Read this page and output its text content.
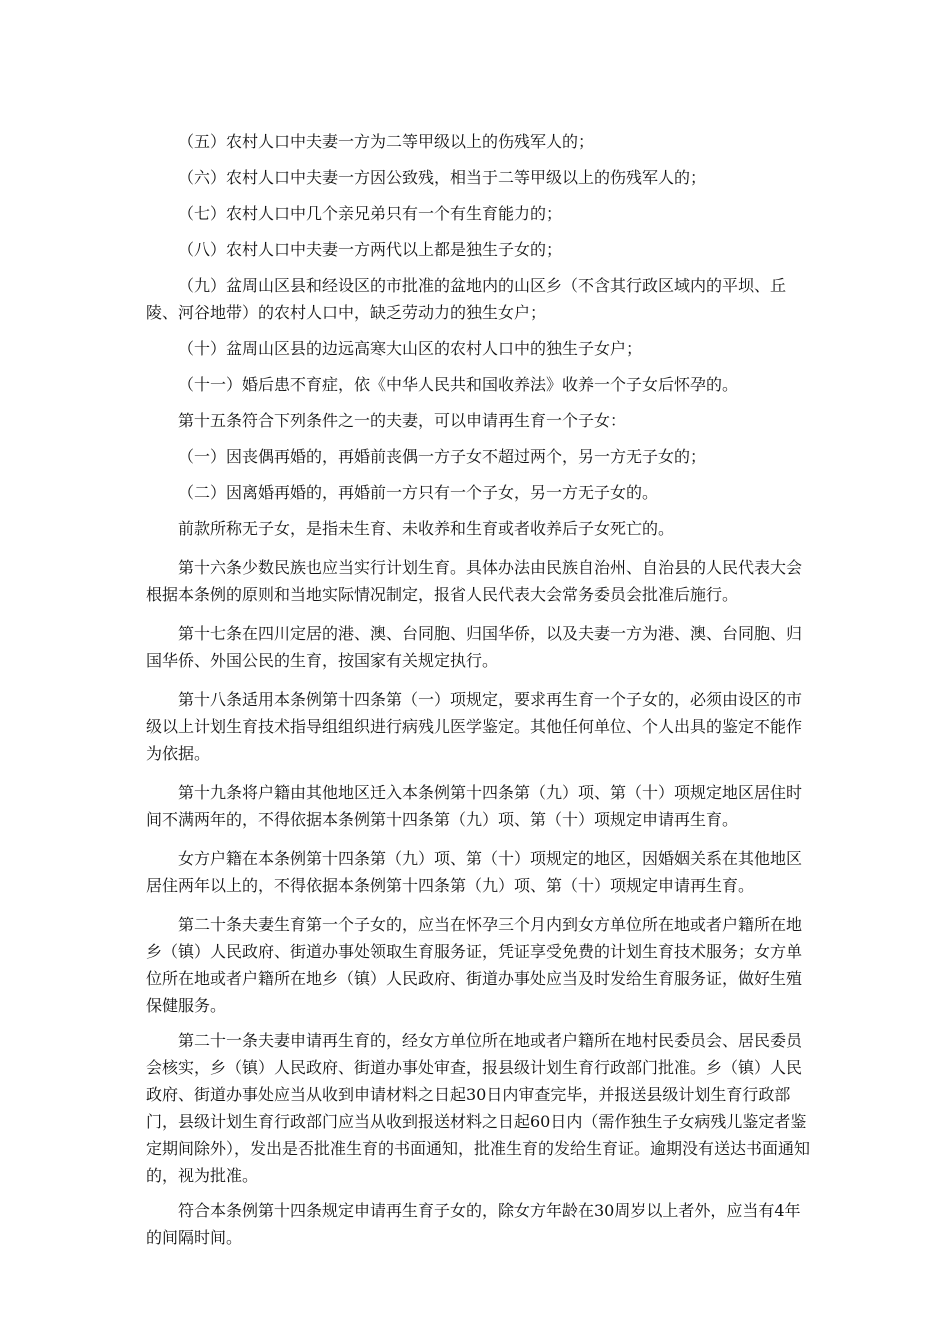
（五）农村人口中夫妻一方为二等甲级以上的伤残军人的；

（六）农村人口中夫妻一方因公致残，相当于二等甲级以上的伤残军人的；

（七）农村人口中几个亲兄弟只有一个有生育能力的；

（八）农村人口中夫妻一方两代以上都是独生子女的；

（九）盆周山区县和经设区的市批准的盆地内的山区乡（不含其行政区域内的平坝、丘陵、河谷地带）的农村人口中，缺乏劳动力的独生女户；

（十）盆周山区县的边远高寒大山区的农村人口中的独生子女户；

（十一）婚后患不育症，依《中华人民共和国收养法》收养一个子女后怀孕的。

第十五条符合下列条件之一的夫妻，可以申请再生育一个子女：

（一）因丧偶再婚的，再婚前丧偶一方子女不超过两个，另一方无子女的；

（二）因离婚再婚的，再婚前一方只有一个子女，另一方无子女的。

前款所称无子女，是指未生育、未收养和生育或者收养后子女死亡的。

第十六条少数民族也应当实行计划生育。具体办法由民族自治州、自治县的人民代表大会根据本条例的原则和当地实际情况制定，报省人民代表大会常务委员会批准后施行。

第十七条在四川定居的港、澳、台同胞、归国华侨，以及夫妻一方为港、澳、台同胞、归国华侨、外国公民的生育，按国家有关规定执行。

第十八条适用本条例第十四条第（一）项规定，要求再生育一个子女的，必须由设区的市级以上计划生育技术指导组组织进行病残儿医学鉴定。其他任何单位、个人出具的鉴定不能作为依据。

第十九条将户籍由其他地区迁入本条例第十四条第（九）项、第（十）项规定地区居住时间不满两年的，不得依据本条例第十四条第（九）项、第（十）项规定申请再生育。

女方户籍在本条例第十四条第（九）项、第（十）项规定的地区，因婚姻关系在其他地区居住两年以上的，不得依据本条例第十四条第（九）项、第（十）项规定申请再生育。

第二十条夫妻生育第一个子女的，应当在怀孕三个月内到女方单位所在地或者户籍所在地乡（镇）人民政府、街道办事处领取生育服务证，凭证享受免费的计划生育技术服务；女方单位所在地或者户籍所在地乡（镇）人民政府、街道办事处应当及时发给生育服务证，做好生殖保健服务。

第二十一条夫妻申请再生育的，经女方单位所在地或者户籍所在地村民委员会、居民委员会核实，乡（镇）人民政府、街道办事处审查，报县级计划生育行政部门批准。乡（镇）人民政府、街道办事处应当从收到申请材料之日起30日内审查完毕，并报送县级计划生育行政部门，县级计划生育行政部门应当从收到报送材料之日起60日内（需作独生子女病残儿鉴定者鉴定期间除外），发出是否批准生育的书面通知，批准生育的发给生育证。逾期没有送达书面通知的，视为批准。

符合本条例第十四条规定申请再生育子女的，除女方年龄在30周岁以上者外，应当有4年的间隔时间。
